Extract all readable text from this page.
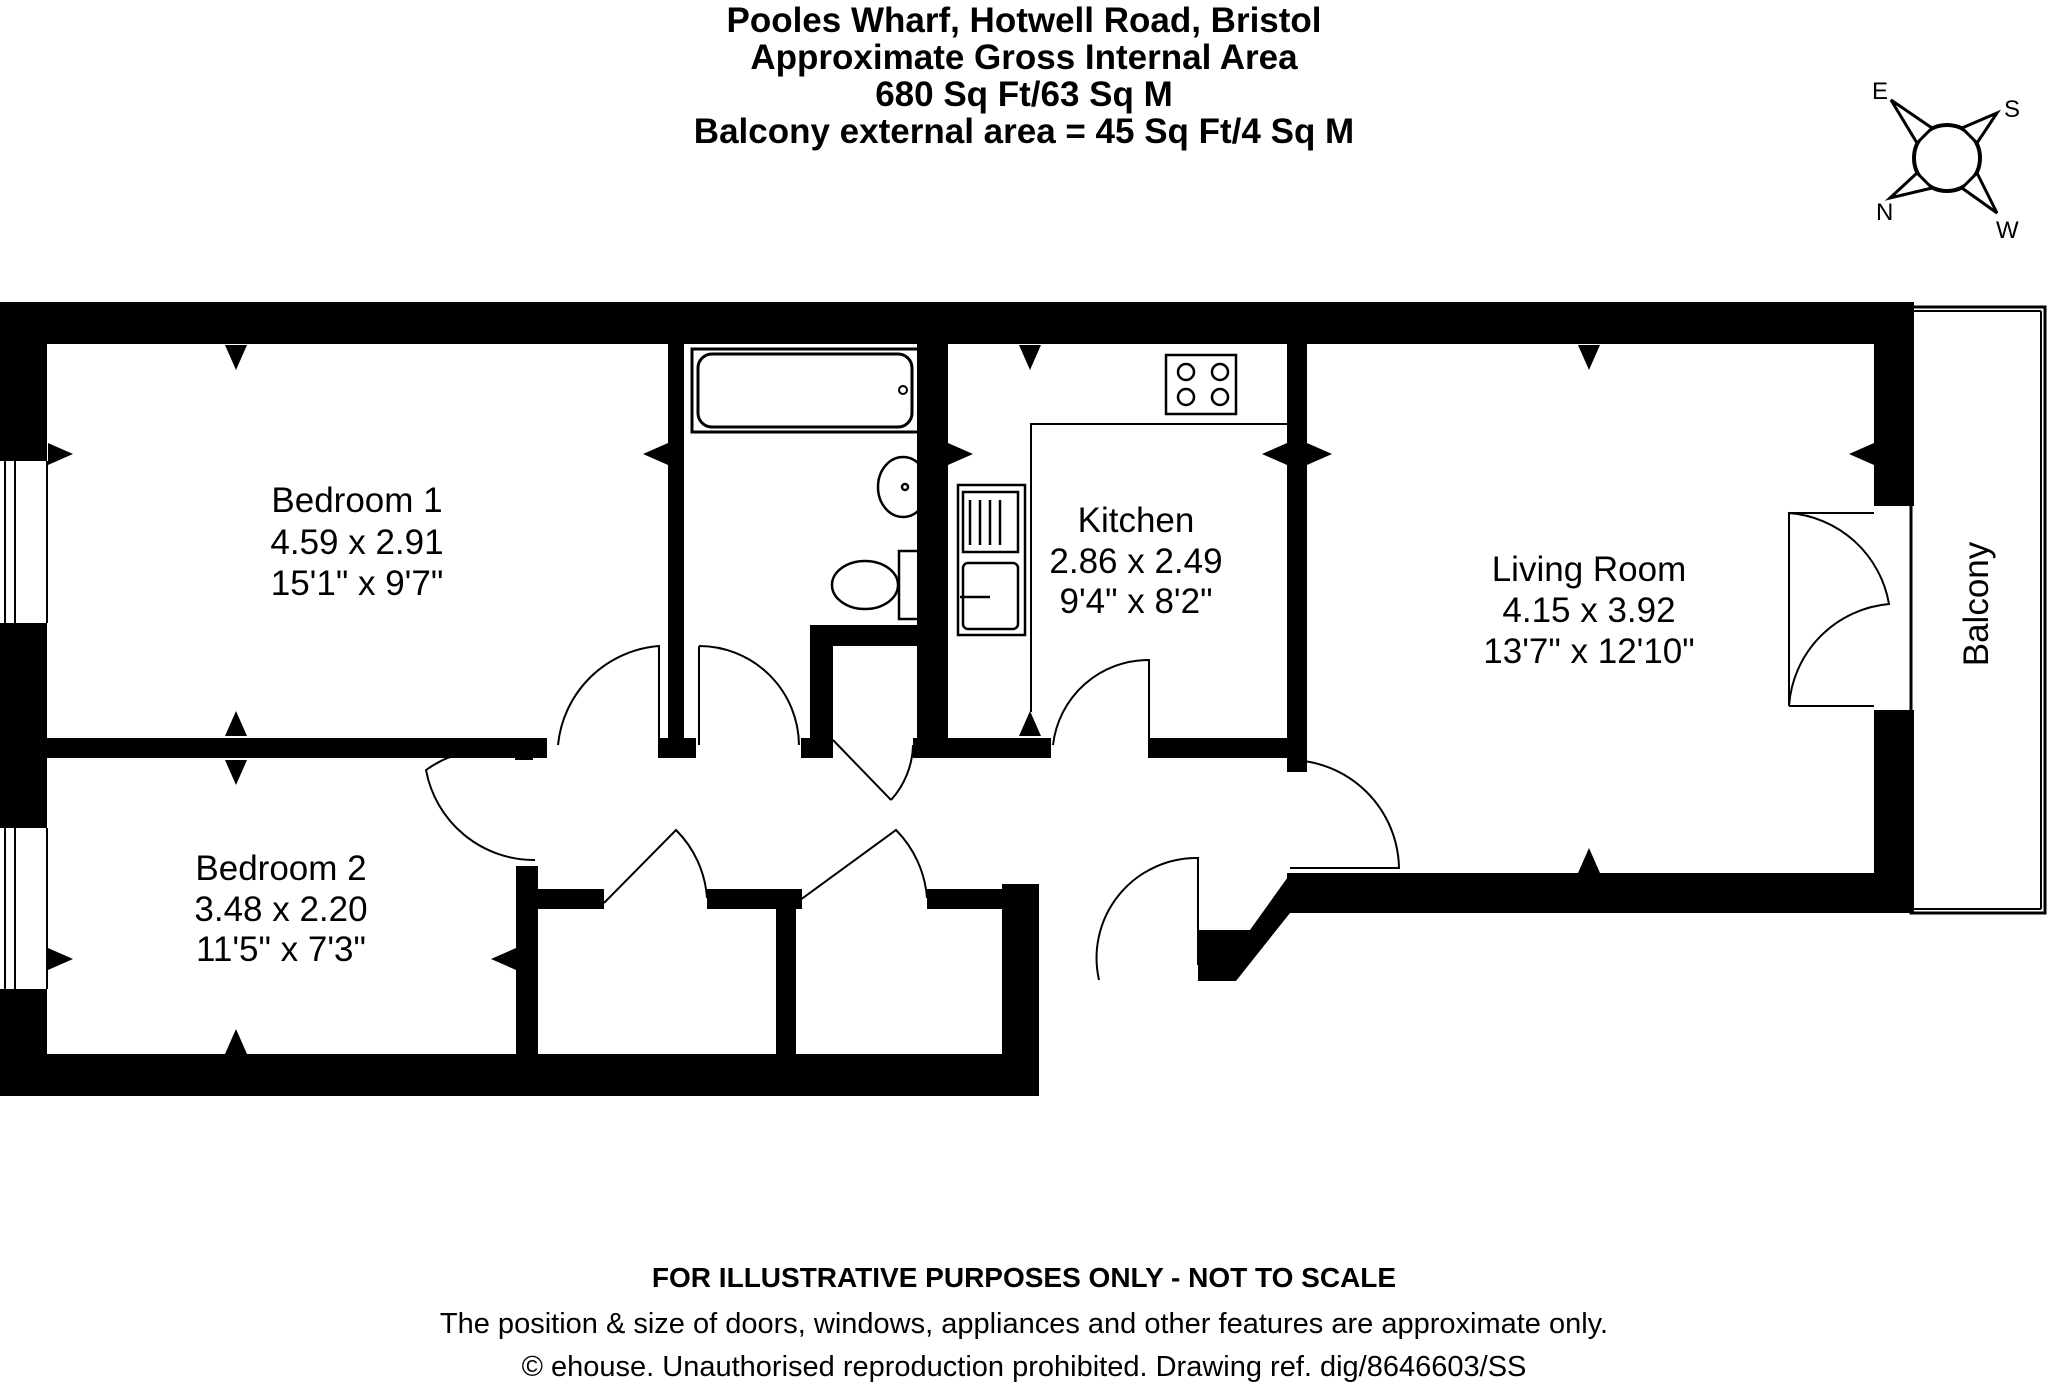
Pooles Wharf, Hotwell Road, Bristol
Approximate Gross Internal Area
680 Sq Ft/63 Sq M
Balcony external area = 45 Sq Ft/4 Sq M
E
S
N
W
Bedroom 1
4.59 x 2.91
15'1" x 9'7"
Bedroom 2
3.48 x 2.20
11'5" x 7'3"
Kitchen
2.86 x 2.49
9'4" x 8'2"
Living Room
4.15 x 3.92
13'7" x 12'10"	Balcony
FOR ILLUSTRATIVE PURPOSES ONLY - NOT TO SCALE
The position & size of doors, windows, appliances and other features are approximate only.
© ehouse. Unauthorised reproduction prohibited. Drawing ref. dig/8646603/SS
